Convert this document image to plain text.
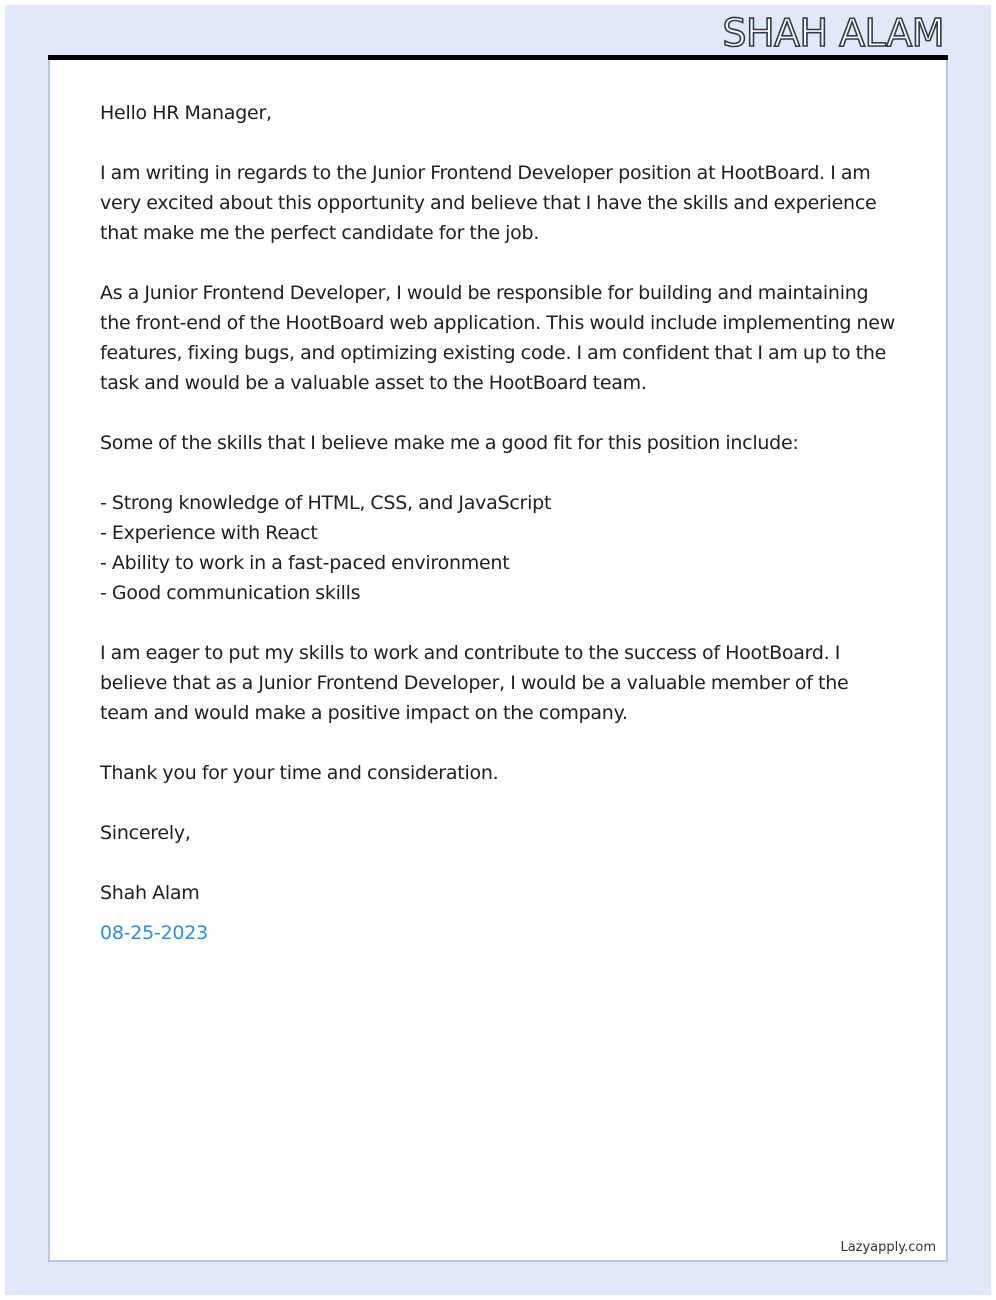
SHAH ALAM

Hello HR Manager,

I am writing in regards to the Junior Frontend Developer position at HootBoard. I am very excited about this opportunity and believe that I have the skills and experience that make me the perfect candidate for the job.

As a Junior Frontend Developer, I would be responsible for building and maintaining the front-end of the HootBoard web application. This would include implementing new features, fixing bugs, and optimizing existing code. I am confident that I am up to the task and would be a valuable asset to the HootBoard team.

Some of the skills that I believe make me a good fit for this position include:

- Strong knowledge of HTML, CSS, and JavaScript

- Experience with React

- Ability to work in a fast-paced environment

- Good communication skills

I am eager to put my skills to work and contribute to the success of HootBoard. I believe that as a Junior Frontend Developer, I would be a valuable member of the team and would make a positive impact on the company.

Thank you for your time and consideration.

Sincerely,

Shah Alam

08-25-2023

Lazyapply.com
